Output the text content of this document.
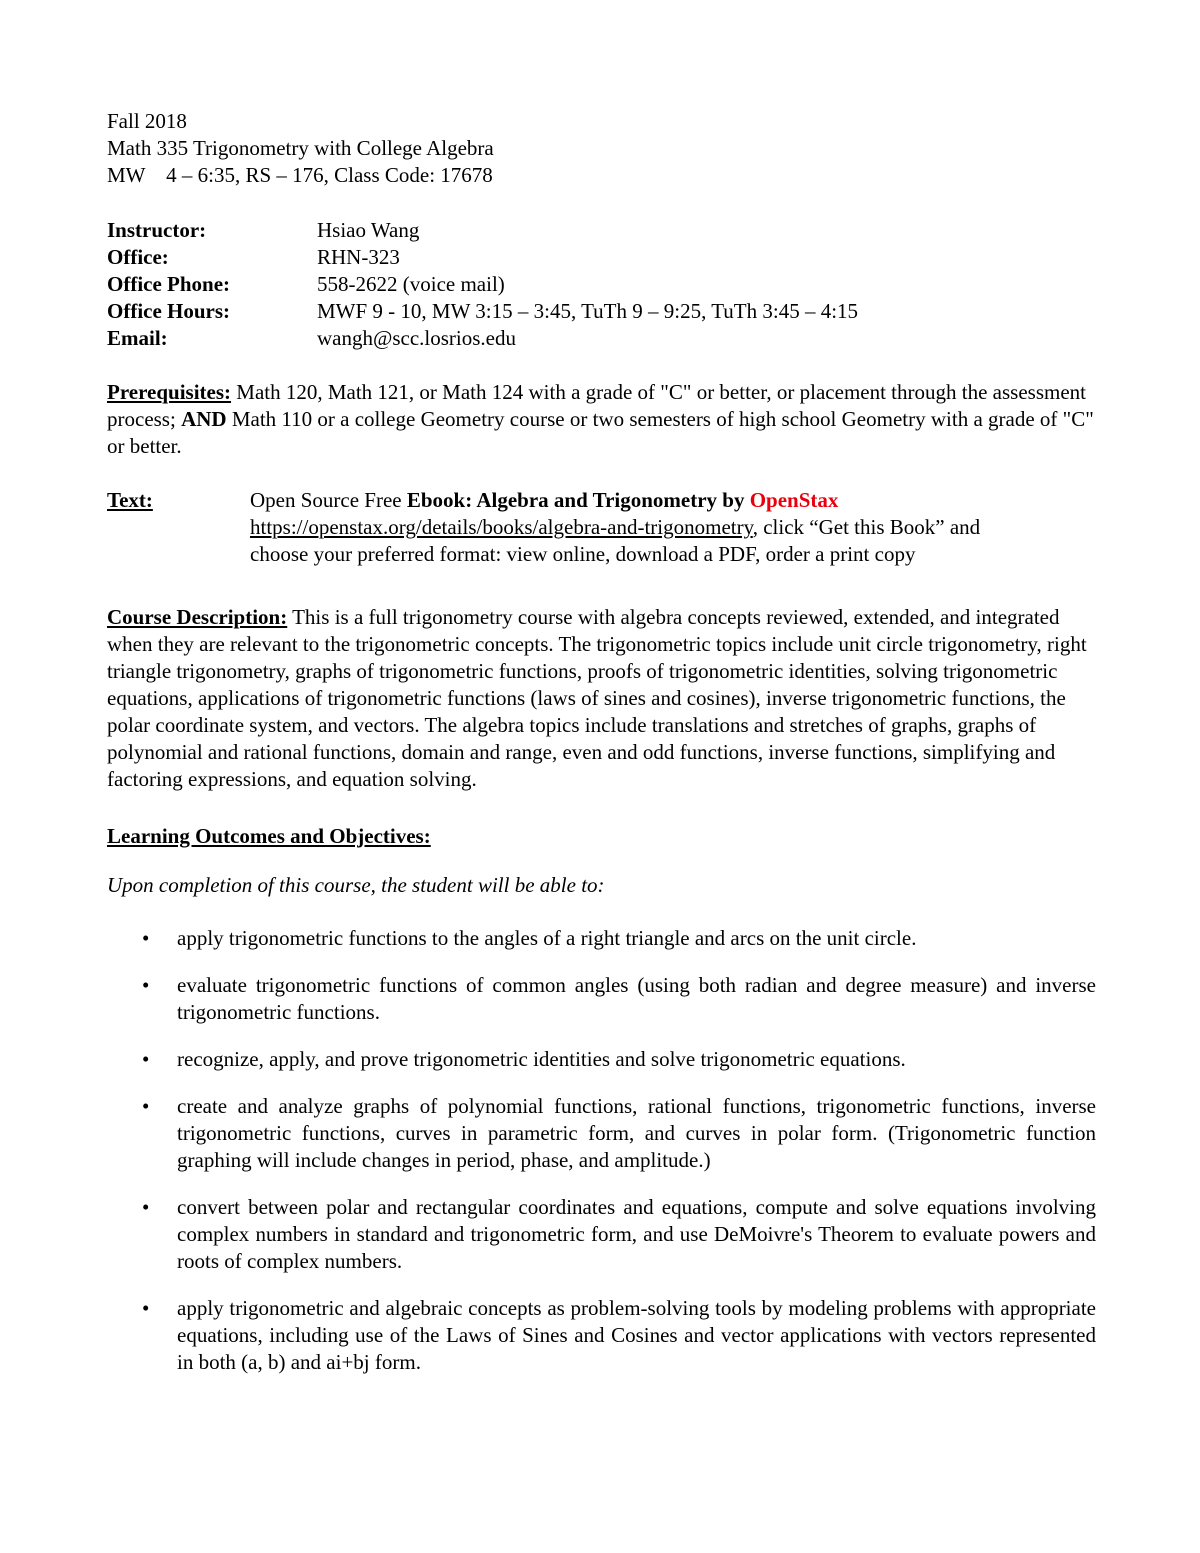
Fall 2018

Math 335 Trigonometry with College Algebra

MW    4 – 6:35, RS – 176, Class Code: 17678

Instructor:	Hsiao Wang
Office:	RHN-323
Office Phone:	558-2622 (voice mail)
Office Hours:	MWF 9 - 10, MW 3:15 – 3:45, TuTh 9 – 9:25, TuTh 3:45 – 4:15
Email:	wangh@scc.losrios.edu

Prerequisites: Math 120, Math 121, or Math 124 with a grade of "C" or better, or placement through the assessment process; AND Math 110 or a college Geometry course or two semesters of high school Geometry with a grade of "C" or better.

Text:	Open Source Free Ebook: Algebra and Trigonometry by OpenStax
https://openstax.org/details/books/algebra-and-trigonometry, click “Get this Book” and choose your preferred format: view online, download a PDF, order a print copy

Course Description: This is a full trigonometry course with algebra concepts reviewed, extended, and integrated when they are relevant to the trigonometric concepts. The trigonometric topics include unit circle trigonometry, right triangle trigonometry, graphs of trigonometric functions, proofs of trigonometric identities, solving trigonometric equations, applications of trigonometric functions (laws of sines and cosines), inverse trigonometric functions, the polar coordinate system, and vectors. The algebra topics include translations and stretches of graphs, graphs of polynomial and rational functions, domain and range, even and odd functions, inverse functions, simplifying and factoring expressions, and equation solving.

Learning Outcomes and Objectives:

Upon completion of this course, the student will be able to:

• apply trigonometric functions to the angles of a right triangle and arcs on the unit circle.
• evaluate trigonometric functions of common angles (using both radian and degree measure) and inverse trigonometric functions.
• recognize, apply, and prove trigonometric identities and solve trigonometric equations.
• create and analyze graphs of polynomial functions, rational functions, trigonometric functions, inverse trigonometric functions, curves in parametric form, and curves in polar form. (Trigonometric function graphing will include changes in period, phase, and amplitude.)
• convert between polar and rectangular coordinates and equations, compute and solve equations involving complex numbers in standard and trigonometric form, and use DeMoivre's Theorem to evaluate powers and roots of complex numbers.
• apply trigonometric and algebraic concepts as problem-solving tools by modeling problems with appropriate equations, including use of the Laws of Sines and Cosines and vector applications with vectors represented in both (a, b) and ai+bj form.
